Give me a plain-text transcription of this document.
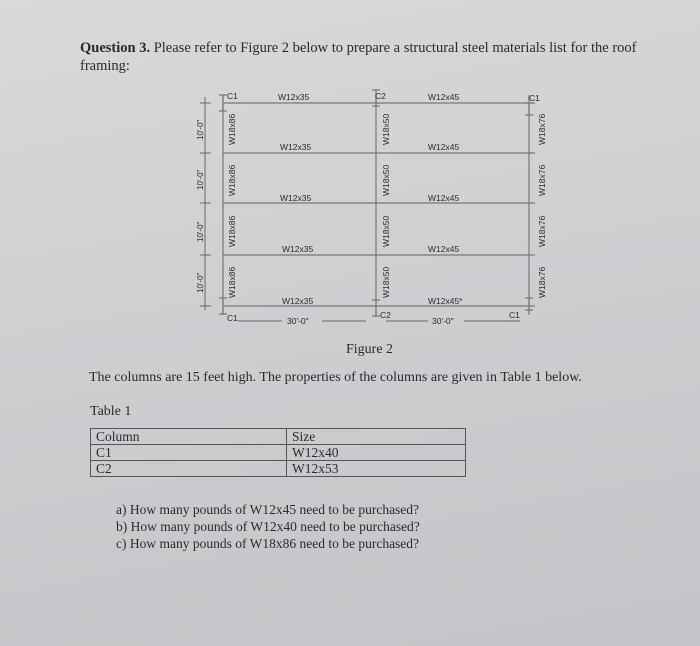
Question 3. Please refer to Figure 2 below to prepare a structural steel materials list for the roof
framing:
C1	C2	C1
C1	C2	C1
W12x35
W12x35
W12x35
W12x35
W12x35
W12x45
W12x45
W12x45
W12x45
W12x45*
30'-0"	30'-0"
W18x86
W18x86
W18x86
W18x86
W18x50
W18x50
W18x50
W18x50
W18x76
W18x76
W18x76
W18x76
10'-0"
10'-0"
10'-0"
10'-0"
Figure 2
The columns are 15 feet high. The properties of the columns are given in Table 1 below.
Table 1
Column	Size
C1	W12x40
C2	W12x53
a) How many pounds of W12x45 need to be purchased?
b) How many pounds of W12x40 need to be purchased?
c) How many pounds of W18x86 need to be purchased?
